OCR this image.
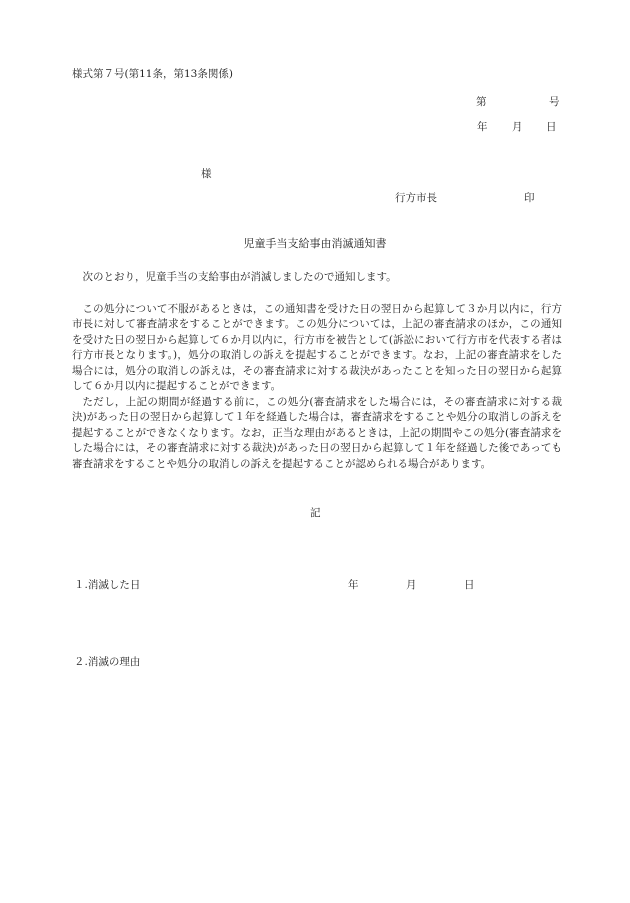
様式第７号(第11条，第13条関係)
第	号
年 月 日
様
行方市長	印
児童手当支給事由消滅通知書
次のとおり，児童手当の支給事由が消滅しましたので通知します。
この処分について不服があるときは，この通知書を受けた日の翌日から起算して３か月以内に，行方市長に対して審査請求をすることができます。この処分については，上記の審査請求のほか，この通知を受けた日の翌日から起算して６か月以内に，行方市を被告として(訴訟において行方市を代表する者は行方市長となります。)，処分の取消しの訴えを提起することができます。なお，上記の審査請求をした場合には，処分の取消しの訴えは，その審査請求に対する裁決があったことを知った日の翌日から起算して６か月以内に提起することができます。
ただし，上記の期間が経過する前に，この処分(審査請求をした場合には，その審査請求に対する裁決)があった日の翌日から起算して１年を経過した場合は，審査請求をすることや処分の取消しの訴えを提起することができなくなります。なお，正当な理由があるときは，上記の期間やこの処分(審査請求をした場合には，その審査請求に対する裁決)があった日の翌日から起算して１年を経過した後であっても審査請求をすることや処分の取消しの訴えを提起することが認められる場合があります。
記
１.消滅した日	年	月	日
２.消滅の理由
